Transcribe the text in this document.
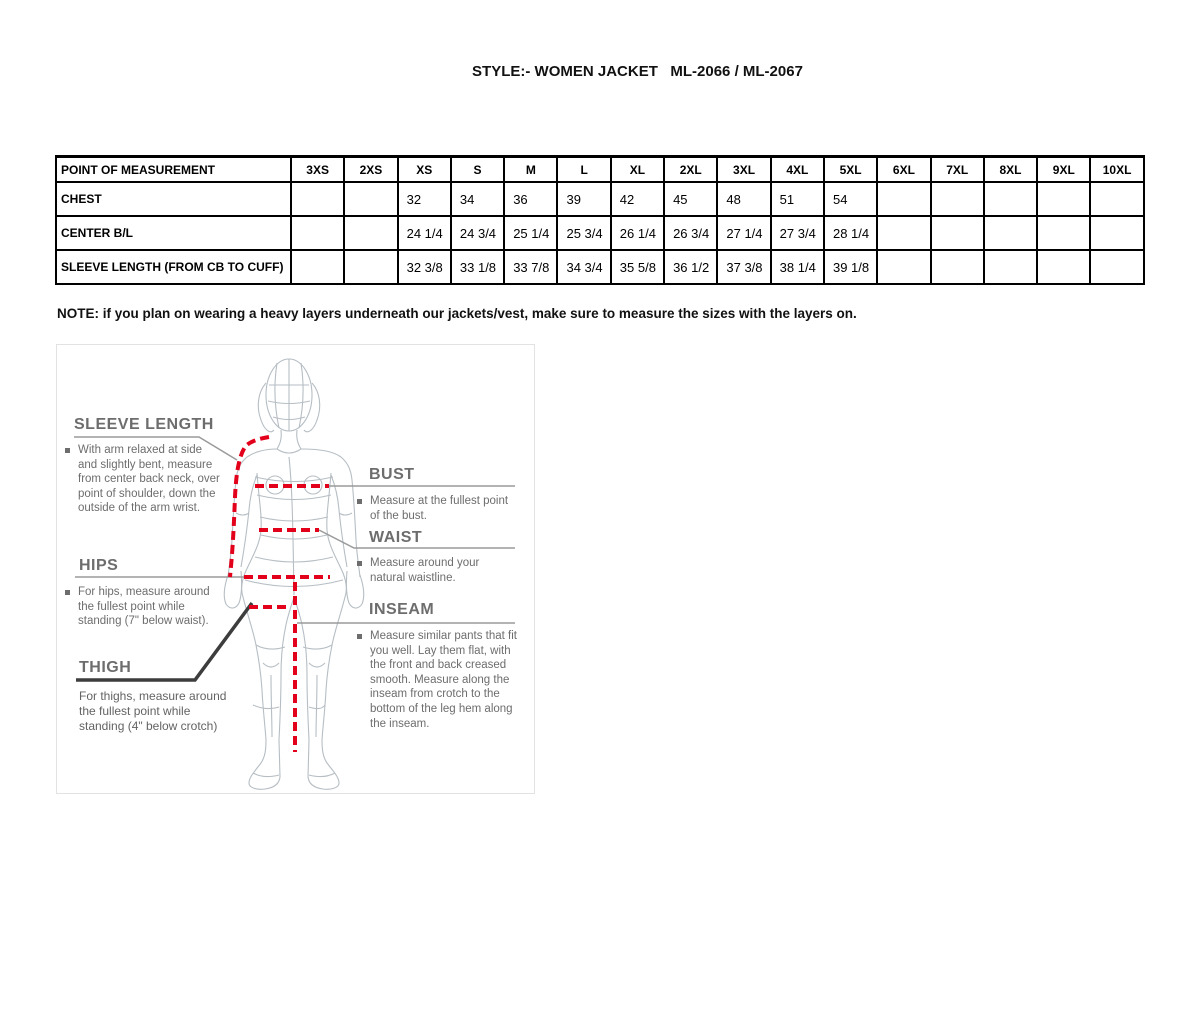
STYLE:- WOMEN JACKET   ML-2066 / ML-2067
POINT OF MEASUREMENT	3XS	2XS	XS	S	M	L	XL	2XL	3XL	4XL	5XL	6XL	7XL	8XL	9XL	10XL
CHEST			32	34	36	39	42	45	48	51	54					
CENTER B/L			24 1/4	24 3/4	25 1/4	25 3/4	26 1/4	26 3/4	27 1/4	27 3/4	28 1/4					
SLEEVE LENGTH (FROM CB TO CUFF)			32 3/8	33 1/8	33 7/8	34 3/4	35 5/8	36 1/2	37 3/8	38 1/4	39 1/8					
NOTE: if you plan on wearing a heavy layers underneath our jackets/vest, make sure to measure the sizes with the layers on.
SLEEVE LENGTH
With arm relaxed at side and slightly bent, measure from center back neck, over point of shoulder, down the outside of the arm wrist.
HIPS
For hips, measure around the fullest point while standing (7" below waist).
THIGH
For thighs, measure around the fullest point while standing (4" below crotch)
BUST
Measure at the fullest point of the bust.
WAIST
Measure around your natural waistline.
INSEAM
Measure similar pants that fit you well. Lay them flat, with the front and back creased smooth. Measure along the inseam from crotch to the bottom of the leg hem along the inseam.
